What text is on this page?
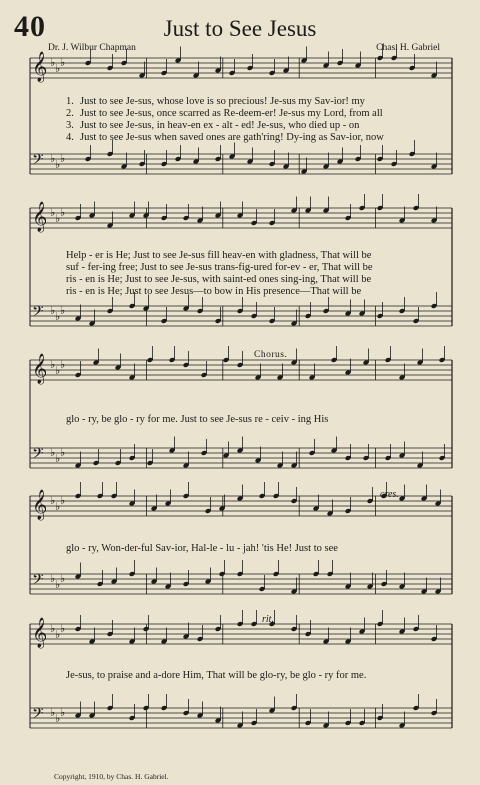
40	Just to See Jesus
Dr. J. Wilbur Chapman	Chas. H. Gabriel
𝄞 ♭ ♭ ♭
𝄢 ♭ ♭ ♭
𝄞 ♭ ♭ ♭
𝄢 ♭ ♭ ♭
𝄞 ♭ ♭ ♭
𝄢 ♭ ♭ ♭
𝄞 ♭ ♭ ♭
𝄢 ♭ ♭ ♭
𝄞 ♭ ♭ ♭
𝄢 ♭ ♭ ♭
1. Just to see Je-sus, whose love is so precious! Je-sus my Sav-ior! my
2. Just to see Je-sus, once scarred as Re-deem-er! Je-sus my Lord, from all
3. Just to see Je-sus, in heav-en ex - alt - ed! Je-sus, who died up - on
4. Just to see Je-sus when saved ones are gath'ring! Dy-ing as Sav-ior, now
Help - er is He; Just to see Je-sus fill heav-en with gladness, That will be
suf - fer-ing free; Just to see Je-sus trans-fig-ured for-ev - er, That will be
ris - en is He; Just to see Je-sus, with saint-ed ones sing-ing, That will be
ris - en is He; Just to see Jesus—to bow in His presence—That will be
Chorus.
glo - ry, be glo - ry for me. Just to see Je-sus re - ceiv - ing His
cres.
glo - ry, Won-der-ful Sav-ior, Hal-le - lu - jah! 'tis He! Just to see
rit.
Je-sus, to praise and a-dore Him, That will be glo-ry, be glo - ry for me.
Copyright, 1910, by Chas. H. Gabriel.
